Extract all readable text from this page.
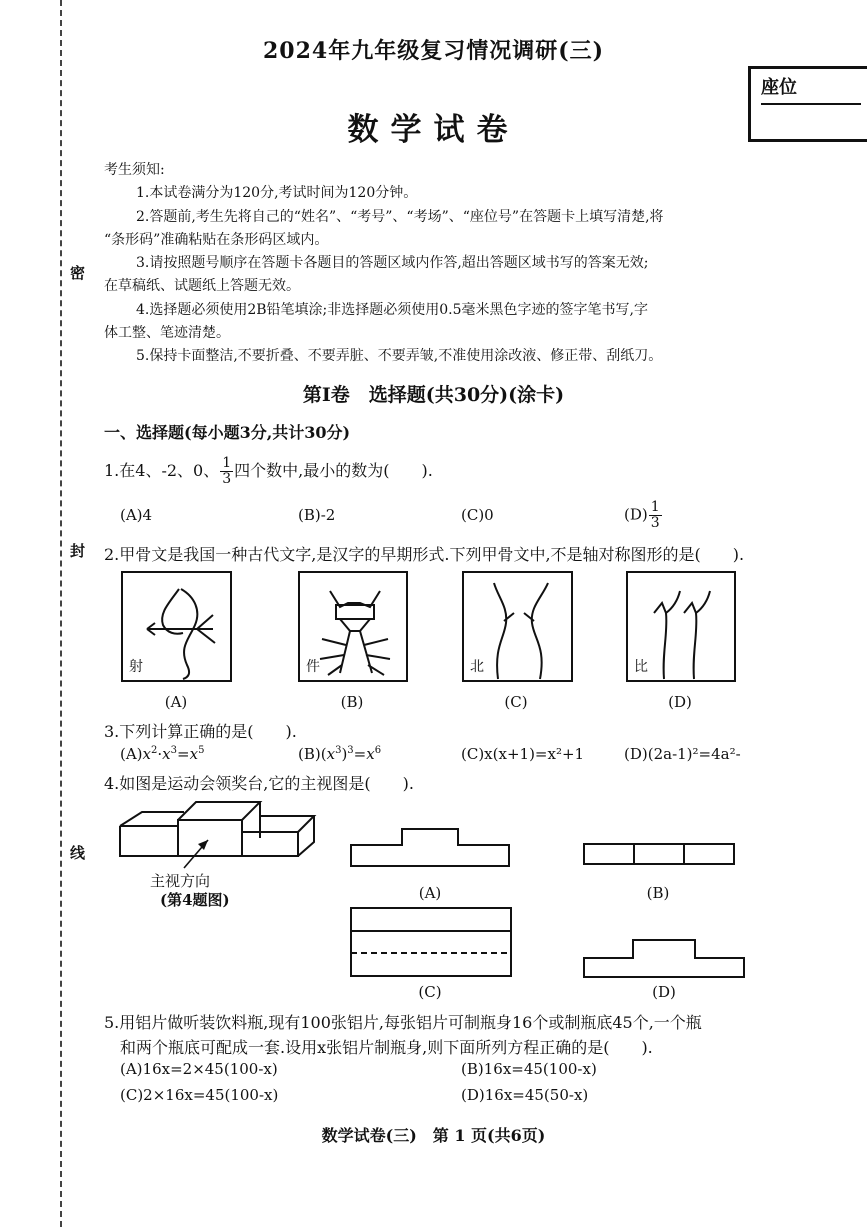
密
封
线
座位
2024年九年级复习情况调研(三)
数学试卷
考生须知:
1.本试卷满分为120分,考试时间为120分钟。
2.答题前,考生先将自己的“姓名”、“考号”、“考场”、“座位号”在答题卡上填写清楚,将
“条形码”准确粘贴在条形码区域内。
3.请按照题号顺序在答题卡各题目的答题区域内作答,超出答题区域书写的答案无效;
在草稿纸、试题纸上答题无效。
4.选择题必须使用2B铅笔填涂;非选择题必须使用0.5毫米黑色字迹的签字笔书写,字
体工整、笔迹清楚。
5.保持卡面整洁,不要折叠、不要弄脏、不要弄皱,不准使用涂改液、修正带、刮纸刀。
第Ⅰ卷　选择题(共30分)(涂卡)
一、选择题(每小题3分,共计30分)
1.在4、-2、0、 $\frac{1}{3}$ 四个数中,最小的数为(　　).
(A)4	(B)-2	(C)0	$(D) \frac{1}{3}$
2.甲骨文是我国一种古代文字,是汉字的早期形式.下列甲骨文中,不是轴对称图形的是(　　).
射	件	北	比
(A)	(B)	(C)	(D)
3.下列计算正确的是(　　).
$(A)x^2\cdot x^3=x^5$	$(B)(x^3)^3=x^6$	(C)x(x+1)=x²+1	(D)(2a-1)²=4a²-
4.如图是运动会领奖台,它的主视图是(　　).
主视方向
(第4题图)	(A)	(B)
(C)	(D)
5.用铝片做听装饮料瓶,现有100张铝片,每张铝片可制瓶身16个或制瓶底45个,一个瓶
和两个瓶底可配成一套.设用x张铝片制瓶身,则下面所列方程正确的是(　　).
(A)16x=2×45(100-x)	(B)16x=45(100-x)
(C)2×16x=45(100-x)	(D)16x=45(50-x)
数学试卷(三)　第 1 页(共6页)
